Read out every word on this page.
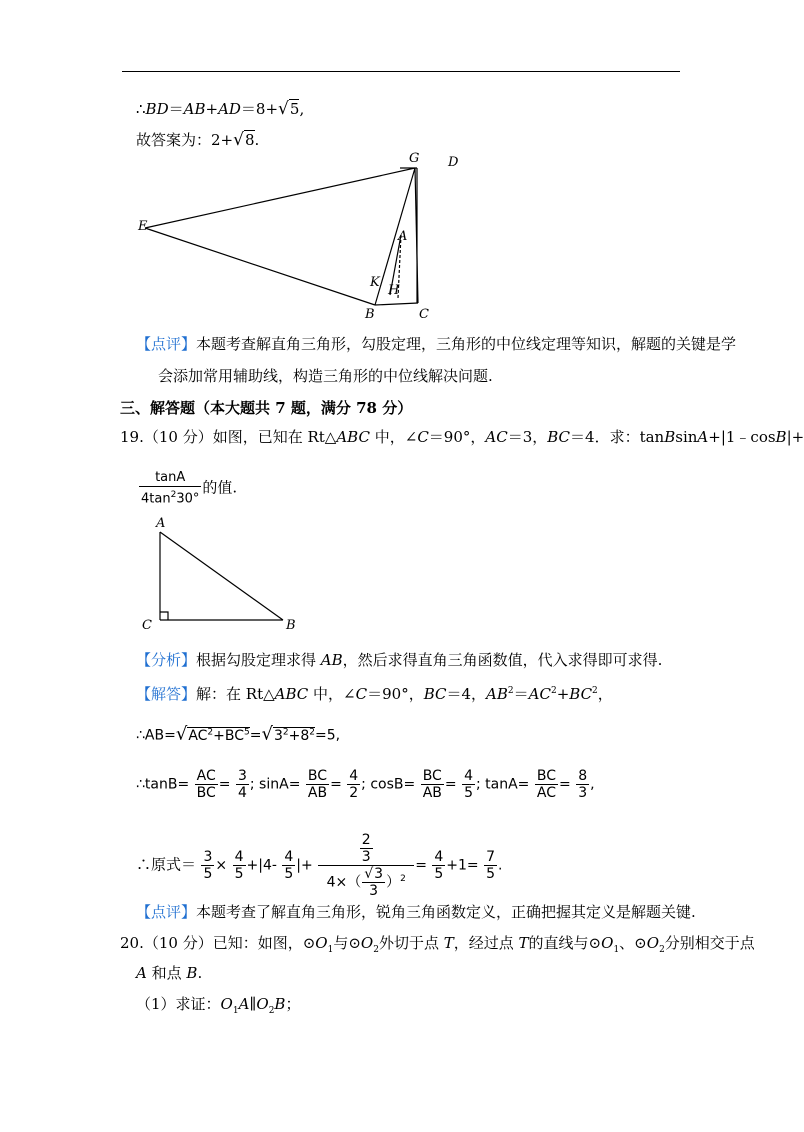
∴BD＝AB+AD＝8+√5,
故答案为：2+√8.
G D
E
A
K
H
B	C
【点评】本题考查解直角三角形，勾股定理，三角形的中位线定理等知识，解题的关键是学
会添加常用辅助线，构造三角形的中位线解决问题.
三、解答题（本大题共 7 题，满分 78 分）
19.（10 分）如图，已知在 Rt△ABC 中，∠C＝90°，AC＝3，BC＝4．求：tanBsinA+|1﹣cosB|+
$\frac{\tan A}{4\tan^230^\circ}$ 的值.
A
C	B
【分析】根据勾股定理求得 AB，然后求得直角三角函数值，代入求得即可求得.
【解答】解：在 Rt△ABC 中，∠C＝90°，BC＝4，$AB^2=AC^2+BC^2$，
$\therefore AB=√AC^2+BC^5=√3^2+8^2=5$,
∴tanB= $\frac{AC}{BC} = \frac{3}{4}$ ; $\sin A= \frac{BC}{AB} = \frac{4}{2}$ ; $\cos B= \frac{BC}{AB} = \frac{4}{5}$ ; $\tan A= \frac{BC}{AC} = \frac{8}{3}$ ,
∴原式＝ $\frac{3}{5} \times \frac{4}{5} +|4- \frac{4}{5}$ |+ $\frac{\frac{2}{3}}{4\times( \frac{√3}{3} )^2} = \frac{4}{5} +1= \frac{7}{5}$ .
【点评】本题考查了解直角三角形，锐角三角函数定义，正确把握其定义是解题关键.
20.（10 分）已知：如图，$⊙O_1$与$⊙O_2$外切于点 T，经过点 T的直线与$⊙O_1$、$⊙O_2$分别相交于点
A 和点 B.
（1）求证：$O_1A\parallel O_2B$；
